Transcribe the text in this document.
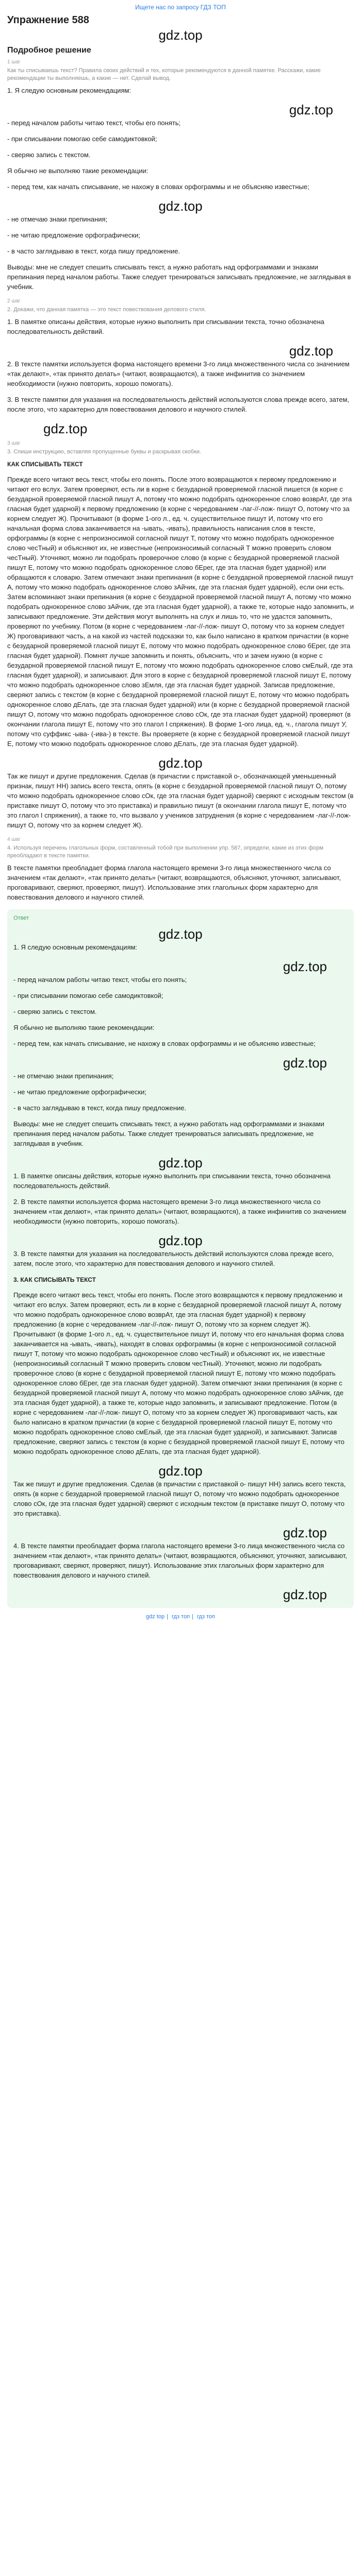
Ищете нас по запросу ГДЗ ТОП
Упражнение 588
gdz.top
Подробное решение
1 шаг
Как ты списываешь текст? Правила своих действий и тех, которые рекомендуются в данной памятке. Расскажи, какие рекомендации ты выполняешь, а какие — нет. Сделай вывод.

1. Я следую основным рекомендациям:

gdz.top

- перед началом работы читаю текст, чтобы его понять;

- при списывании помогаю себе самодиктовкой;

- сверяю запись с текстом.

Я обычно не выполняю такие рекомендации:

- перед тем, как начать списывание, не нахожу в словах орфограммы и не объясняю известные;

gdz.top

- не отмечаю знаки препинания;

- не читаю предложение орфографически;

- в часто заглядываю в текст, когда пишу предложение.

Выводы: мне не следует спешить списывать текст, а нужно работать над орфограммами и знаками препинания перед началом работы. Также следует тренироваться записывать предложение, не заглядывая в учебник.

2 шаг
2. Докажи, что данная памятка — это текст повествования делового стиля.

1. В памятке описаны действия, которые нужно выполнить при списывании текста, точно обозначена последовательность действий.

gdz.top

2. В тексте памятки используется форма настоящего времени 3-го лица множественного числа со значением «так делают», «так принято делать» (читают, возвращаются), а также инфинитив со значением необходимости (нужно повторить, хорошо помогать).

3. В тексте памятки для указания на последовательность действий используются слова прежде всего, затем, после этого, что характерно для повествования делового и научного стилей.

gdz.top
3 шаг
3. Спиши инструкцию, вставляя пропущенные буквы и раскрывая скобки.
КАК СПИСЫВАТЬ ТЕКСТ

Прежде всего читают весь текст, чтобы его понять. После этого возвращаются к первому предложению и читают его вслух. Затем проверяют, есть ли в корне с безударной проверяемой гласной пишется (в корне с безударной проверяемой гласной пишут А, потому что можно подобрать однокоренное слово возврАт, где эта гласная будет ударной) к первому предложению (в корне с чередованием -лаг-//-лож- пишут О, потому что за корнем следует Ж). Прочитывают (в форме 1-ого л., ед. ч. существительное пишут И, потому что его начальная форма слова заканчивается на -ывать, -ивать), правильность написания слов в тексте, орфограммы (в корне с непроизносимой согласной пишут Т, потому что можно подобрать однокоренное слово чесТный) и объясняют их, не известные (непроизносимый согласный Т можно проверить словом чесТный). Уточняют, можно ли подобрать проверочное слово (в корне с безударной проверяемой гласной пишут Е, потому что можно подобрать однокоренное слово бЕрег, где эта гласная будет ударной) или обращаются к словарю. Затем отмечают знаки препинания (в корне с безударной проверяемой гласной пишут А, потому что можно подобрать однокоренное слово зАйчик, где эта гласная будет ударной), если они есть. Затем вспоминают знаки препинания (в корне с безударной проверяемой гласной пишут А, потому что можно подобрать однокоренное слово зАйчик, где эта гласная будет ударной), а также те, которые надо запомнить, и записывают предложение. Эти действия могут выполнять на слух и лишь то, что не удастся запомнить, проверяют по учебнику. Потом (в корне с чередованием -лаг-//-лож- пишут О, потому что за корнем следует Ж) проговаривают часть, а на какой из частей подсказки то, как было написано в кратком причастии (в корне с безударной проверяемой гласной пишут Е, потому что можно подобрать однокоренное слово бЕрег, где эта гласная будет ударной). Помнят лучше запомнить и понять, объяснить, что и зачем нужно (в корне с безударной проверяемой гласной пишут Е, потому что можно подобрать однокоренное слово смЕлый, где эта гласная будет ударной), и записывают. Для этого в корне с безударной проверяемой гласной пишут Е, потому что можно подобрать однокоренное слово зЕмля, где эта гласная будет ударной. Записав предложение, сверяют запись с текстом (в корне с безударной проверяемой гласной пишут Е, потому что можно подобрать однокоренное слово дЕлать, где эта гласная будет ударной) или (в корне с безударной проверяемой гласной пишут О, потому что можно подобрать однокоренное слово сОк, где эта гласная будет ударной) проверяют (в окончании глагола пишут Е, потому что это глагол I спряжения). В форме 1-ого лица, ед. ч., глагола пишут У, потому что суффикс -ыва- (-ива-) в тексте. Вы проверяете (в корне с безударной проверяемой гласной пишут Е, потому что можно подобрать однокоренное слово дЕлать, где эта гласная будет ударной).

gdz.top

Так же пишут и другие предложения. Сделав (в причастии с приставкой о-, обозначающей уменьшенный признак, пишут НН) запись всего текста, опять (в корне с безударной проверяемой гласной пишут О, потому что можно подобрать однокоренное слово сОк, где эта гласная будет ударной) сверяют с исходным текстом (в приставке пишут О, потому что это приставка) и правильно пишут (в окончании глагола пишут Е, потому что это глагол I спряжения), а также то, что вызвало у учеников затруднения (в корне с чередованием -лаг-//-лож- пишут О, потому что за корнем следует Ж).

4 шаг
4. Используя перечень глагольных форм, составленный тобой при выполнении упр. 587, определи, какие из этих форм преобладают в тексте памятки.

В тексте памятки преобладает форма глагола настоящего времени 3-го лица множественного числа со значением «так делают», «так принято делать» (читают, возвращаются, объясняют, уточняют, записывают, проговаривают, сверяют, проверяют, пишут). Использование этих глагольных форм характерно для повествования делового и научного стилей.

Ответ
gdz.top

1. Я следую основным рекомендациям:

gdz.top

- перед началом работы читаю текст, чтобы его понять;

- при списывании помогаю себе самодиктовкой;

- сверяю запись с текстом.

Я обычно не выполняю такие рекомендации:

- перед тем, как начать списывание, не нахожу в словах орфограммы и не объясняю известные;

gdz.top

- не отмечаю знаки препинания;

- не читаю предложение орфографически;

- в часто заглядываю в текст, когда пишу предложение.

Выводы: мне не следует спешить списывать текст, а нужно работать над орфограммами и знаками препинания перед началом работы. Также следует тренироваться записывать предложение, не заглядывая в учебник.

gdz.top

1. В памятке описаны действия, которые нужно выполнить при списывании текста, точно обозначена последовательность действий.

2. В тексте памятки используется форма настоящего времени 3-го лица множественного числа со значением «так делают», «так принято делать» (читают, возвращаются), а также инфинитив со значением необходимости (нужно повторить, хорошо помогать).

gdz.top

3. В тексте памятки для указания на последовательность действий используются слова прежде всего, затем, после этого, что характерно для повествования делового и научного стилей.

3. КАК СПИСЫВАТЬ ТЕКСТ

Прежде всего читают весь текст, чтобы его понять. После этого возвращаются к первому предложению и читают его вслух. Затем проверяют, есть ли в корне с безударной проверяемой гласной пишут А, потому что можно подобрать однокоренное слово возврАт, где эта гласная будет ударной) к первому предложению (в корне с чередованием -лаг-//-лож- пишут О, потому что за корнем следует Ж). Прочитывают (в форме 1-ого л., ед. ч. существительное пишут И, потому что его начальная форма слова заканчивается на -ывать, -ивать), находят в словах орфограммы (в корне с непроизносимой согласной пишут Т, потому что можно подобрать однокоренное слово чесТный) и объясняют их, не известные (непроизносимый согласный Т можно проверить словом чесТный). Уточняют, можно ли подобрать проверочное слово (в корне с безударной проверяемой гласной пишут Е, потому что можно подобрать однокоренное слово бЕрег, где эта гласная будет ударной). Затем отмечают знаки препинания (в корне с безударной проверяемой гласной пишут А, потому что можно подобрать однокоренное слово зАйчик, где эта гласная будет ударной), а также те, которые надо запомнить, и записывают предложение. Потом (в корне с чередованием -лаг-//-лож- пишут О, потому что за корнем следует Ж) проговаривают часть, как было написано в кратком причастии (в корне с безударной проверяемой гласной пишут Е, потому что можно подобрать однокоренное слово смЕлый, где эта гласная будет ударной), и записывают. Записав предложение, сверяют запись с текстом (в корне с безударной проверяемой гласной пишут Е, потому что можно подобрать однокоренное слово дЕлать, где эта гласная будет ударной).

gdz.top

Так же пишут и другие предложения. Сделав (в причастии с приставкой о- пишут НН) запись всего текста, опять (в корне с безударной проверяемой гласной пишут О, потому что можно подобрать однокоренное слово сОк, где эта гласная будет ударной) сверяют с исходным текстом (в приставке пишут О, потому что это приставка).

gdz.top

4. В тексте памятки преобладает форма глагола настоящего времени 3-го лица множественного числа со значением «так делают», «так принято делать» (читают, возвращаются, объясняют, уточняют, записывают, проговаривают, сверяют, проверяют, пишут). Использование этих глагольных форм характерно для повествования делового и научного стилей.

gdz.top
gdz top | гдз топ | гдз топ
